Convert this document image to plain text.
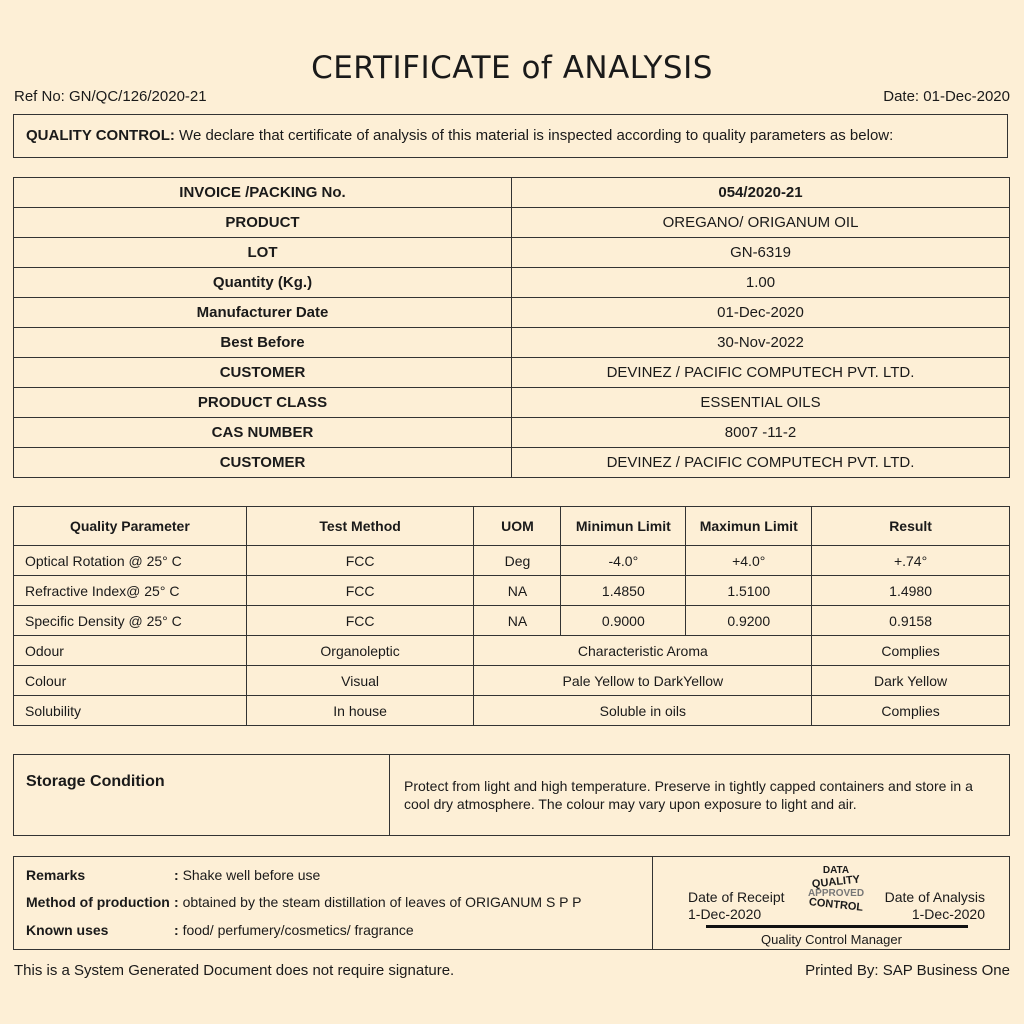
CERTIFICATE of ANALYSIS
Ref No: GN/QC/126/2020-21	Date: 01-Dec-2020
QUALITY CONTROL: We declare that certificate of analysis of this material is inspected according to quality parameters as below:
INVOICE /PACKING No.	054/2020-21
PRODUCT	OREGANO/ ORIGANUM OIL
LOT	GN-6319
Quantity (Kg.)	1.00
Manufacturer Date	01-Dec-2020
Best Before	30-Nov-2022
CUSTOMER	DEVINEZ / PACIFIC COMPUTECH PVT. LTD.
PRODUCT CLASS	ESSENTIAL OILS
CAS NUMBER	8007 -11-2
CUSTOMER	DEVINEZ / PACIFIC COMPUTECH PVT. LTD.
Quality Parameter	Test Method	UOM	Minimun Limit	Maximun Limit	Result
Optical Rotation @ 25° C	FCC	Deg	-4.0°	+4.0°	+.74°
Refractive Index@ 25° C	FCC	NA	1.4850	1.5100	1.4980
Specific Density @ 25° C	FCC	NA	0.9000	0.9200	0.9158
Odour	Organoleptic	Characteristic Aroma			Complies
Colour	Visual	Pale Yellow to DarkYellow			Dark Yellow
Solubility	In house	Soluble in oils			Complies
Storage Condition	Protect from light and high temperature. Preserve in tightly capped containers and store in a cool dry atmosphere. The colour may vary upon exposure to light and air.
Remarks	: Shake well before use
Method of production : obtained by the steam distillation of leaves of ORIGANUM S P P
Known uses	: food/ perfumery/cosmetics/ fragrance
Date of Receipt
1-Dec-2020
DATA
QUALITY
APPROVED
CONTROL	Date of Analysis
1-Dec-2020
Quality Control Manager
This is a System Generated Document does not require signature.	Printed By: SAP Business One
